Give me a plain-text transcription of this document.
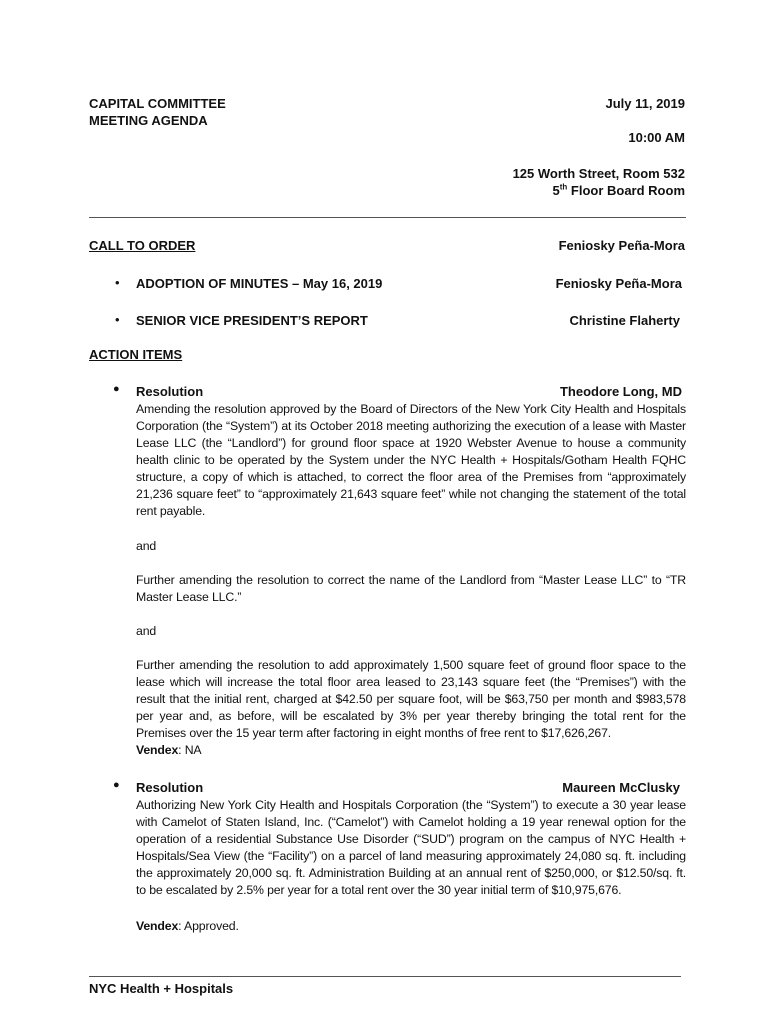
CAPITAL COMMITTEE
MEETING AGENDA
July 11, 2019
10:00 AM
125 Worth Street, Room 532
5th Floor Board Room
CALL TO ORDER	Feniosky Peña-Mora
• ADOPTION OF MINUTES – May 16, 2019	Feniosky Peña-Mora
• SENIOR VICE PRESIDENT’S REPORT	Christine Flaherty
ACTION ITEMS
● Resolution	Theodore Long, MD
Amending the resolution approved by the Board of Directors of the New York City Health and Hospitals Corporation (the “System”) at its October 2018 meeting authorizing the execution of a lease with Master Lease LLC (the “Landlord”) for ground floor space at 1920 Webster Avenue to house a community health clinic to be operated by the System under the NYC Health + Hospitals/Gotham Health FQHC structure, a copy of which is attached, to correct the floor area of the Premises from “approximately 21,236 square feet” to “approximately 21,643 square feet” while not changing the statement of the total rent payable.
and
Further amending the resolution to correct the name of the Landlord from “Master Lease LLC” to “TR Master Lease LLC.”
and
Further amending the resolution to add approximately 1,500 square feet of ground floor space to the lease which will increase the total floor area leased to 23,143 square feet (the “Premises”) with the result that the initial rent, charged at $42.50 per square foot, will be $63,750 per month and $983,578 per year and, as before, will be escalated by 3% per year thereby bringing the total rent for the Premises over the 15 year term after factoring in eight months of free rent to $17,626,267.
Vendex: NA
● Resolution	Maureen McClusky
Authorizing New York City Health and Hospitals Corporation (the “System”) to execute a 30 year lease with Camelot of Staten Island, Inc. (“Camelot”) with Camelot holding a 19 year renewal option for the operation of a residential Substance Use Disorder (“SUD”) program on the campus of NYC Health + Hospitals/Sea View (the “Facility”) on a parcel of land measuring approximately 24,080 sq. ft. including the approximately 20,000 sq. ft. Administration Building at an annual rent of $250,000, or $12.50/sq. ft. to be escalated by 2.5% per year for a total rent over the 30 year initial term of $10,975,676.
Vendex: Approved.
NYC Health + Hospitals
